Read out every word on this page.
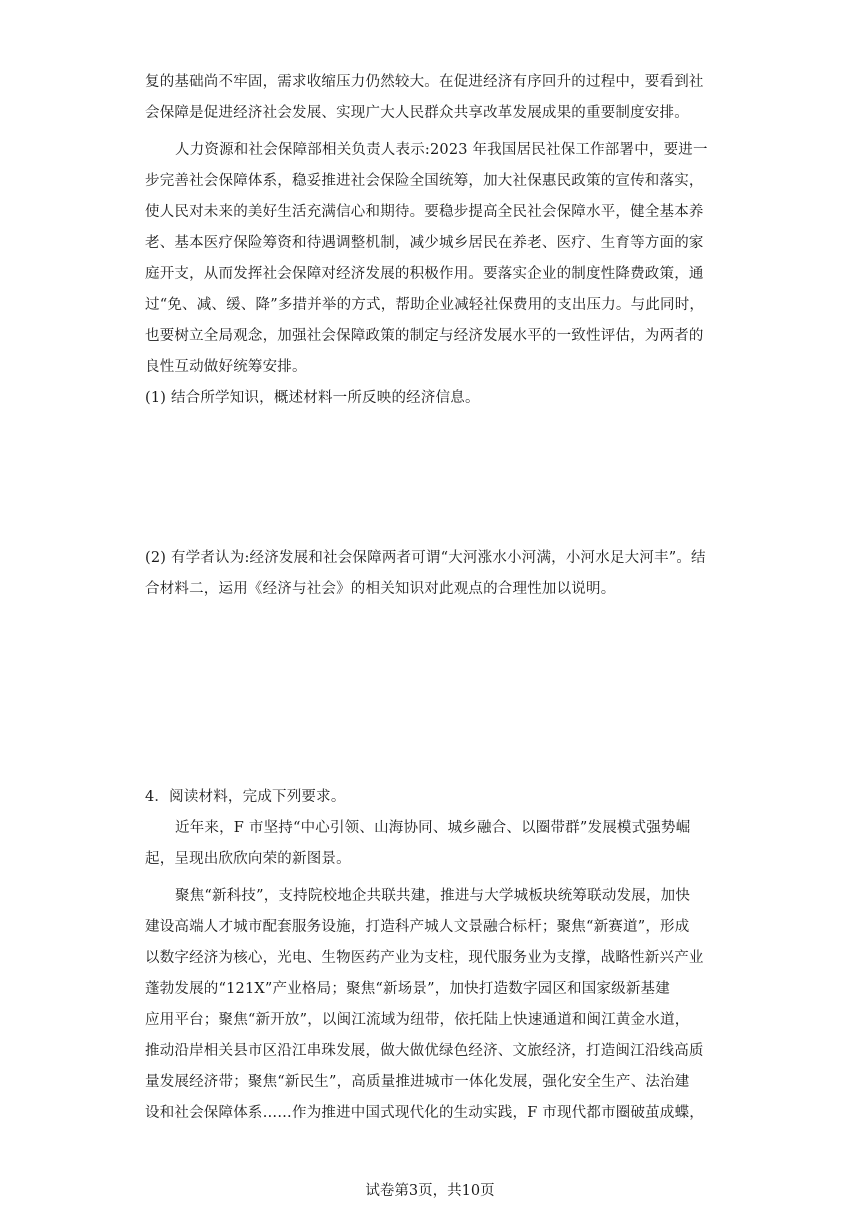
复的基础尚不牢固，需求收缩压力仍然较大。在促进经济有序回升的过程中，要看到社
会保障是促进经济社会发展、实现广大人民群众共享改革发展成果的重要制度安排。
人力资源和社会保障部相关负责人表示:2023 年我国居民社保工作部署中，要进一
步完善社会保障体系，稳妥推进社会保险全国统筹，加大社保惠民政策的宣传和落实，
使人民对未来的美好生活充满信心和期待。要稳步提高全民社会保障水平，健全基本养
老、基本医疗保险筹资和待遇调整机制，减少城乡居民在养老、医疗、生育等方面的家
庭开支，从而发挥社会保障对经济发展的积极作用。要落实企业的制度性降费政策，通
过“免、减、缓、降”多措并举的方式，帮助企业减轻社保费用的支出压力。与此同时，
也要树立全局观念，加强社会保障政策的制定与经济发展水平的一致性评估，为两者的
良性互动做好统筹安排。
(1) 结合所学知识，概述材料一所反映的经济信息。
(2) 有学者认为:经济发展和社会保障两者可谓“大河涨水小河满，小河水足大河丰”。结
合材料二，运用《经济与社会》的相关知识对此观点的合理性加以说明。
4．阅读材料，完成下列要求。
近年来，F 市坚持“中心引领、山海协同、城乡融合、以圈带群”发展模式强势崛
起，呈现出欣欣向荣的新图景。
聚焦“新科技”，支持院校地企共联共建，推进与大学城板块统筹联动发展，加快
建设高端人才城市配套服务设施，打造科产城人文景融合标杆；聚焦“新赛道”，形成
以数字经济为核心，光电、生物医药产业为支柱，现代服务业为支撑，战略性新兴产业
蓬勃发展的“121X”产业格局；聚焦“新场景”，加快打造数字园区和国家级新基建
应用平台；聚焦“新开放”，以闽江流域为纽带，依托陆上快速通道和闽江黄金水道，
推动沿岸相关县市区沿江串珠发展，做大做优绿色经济、文旅经济，打造闽江沿线高质
量发展经济带；聚焦“新民生”，高质量推进城市一体化发展，强化安全生产、法治建
设和社会保障体系……作为推进中国式现代化的生动实践，F 市现代都市圈破茧成蝶，
试卷第3页，共10页
